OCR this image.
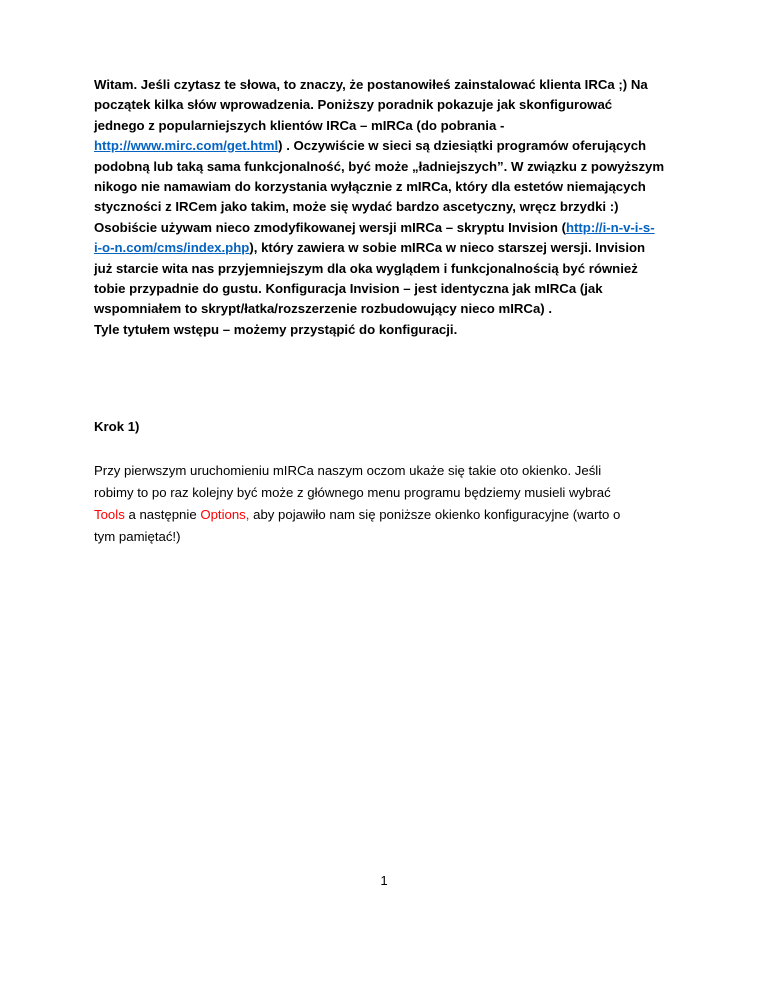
Witam. Jeśli czytasz te słowa, to znaczy, że postanowiłeś zainstalować klienta IRCa ;) Na
początek kilka słów wprowadzenia. Poniższy poradnik pokazuje jak skonfigurować
jednego z popularniejszych klientów IRCa – mIRCa (do pobrania -
http://www.mirc.com/get.html) . Oczywiście w sieci są dziesiątki programów oferujących
podobną lub taką sama funkcjonalność, być może „ładniejszych”. W związku z powyższym
nikogo nie namawiam do korzystania wyłącznie z mIRCa, który dla estetów niemających
styczności z IRCem jako takim, może się wydać bardzo ascetyczny, wręcz brzydki :)
Osobiście używam nieco zmodyfikowanej wersji mIRCa – skryptu Invision (http://i-n-v-i-s-
i-o-n.com/cms/index.php), który zawiera w sobie mIRCa w nieco starszej wersji. Invision
już starcie wita nas przyjemniejszym dla oka wyglądem i funkcjonalnością być również
tobie przypadnie do gustu. Konfiguracja Invision – jest identyczna jak mIRCa (jak
wspomniałem to skrypt/łatka/rozszerzenie rozbudowujący nieco mIRCa) .
Tyle tytułem wstępu – możemy przystąpić do konfiguracji.
Krok 1)
Przy pierwszym uruchomieniu mIRCa naszym oczom ukaże się takie oto okienko. Jeśli
robimy to po raz kolejny być może z głównego menu programu będziemy musieli wybrać
Tools a następnie Options, aby pojawiło nam się poniższe okienko konfiguracyjne (warto o
tym pamiętać!)
1
